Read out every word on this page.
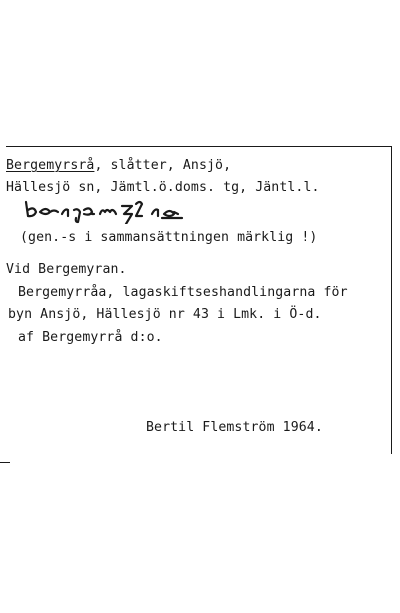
Bergemyrsrå, slåtter, Ansjö,
Hällesjö sn, Jämtl.ö.doms. tg, Jäntl.l.
(gen.-s i sammansättningen märklig !)
Vid Bergemyran.
Bergemyrråa, lagaskiftseshandlingarna för
byn Ansjö, Hällesjö nr 43 i Lmk. i Ö-d.
af Bergemyrrå d:o.
Bertil Flemström 1964.
